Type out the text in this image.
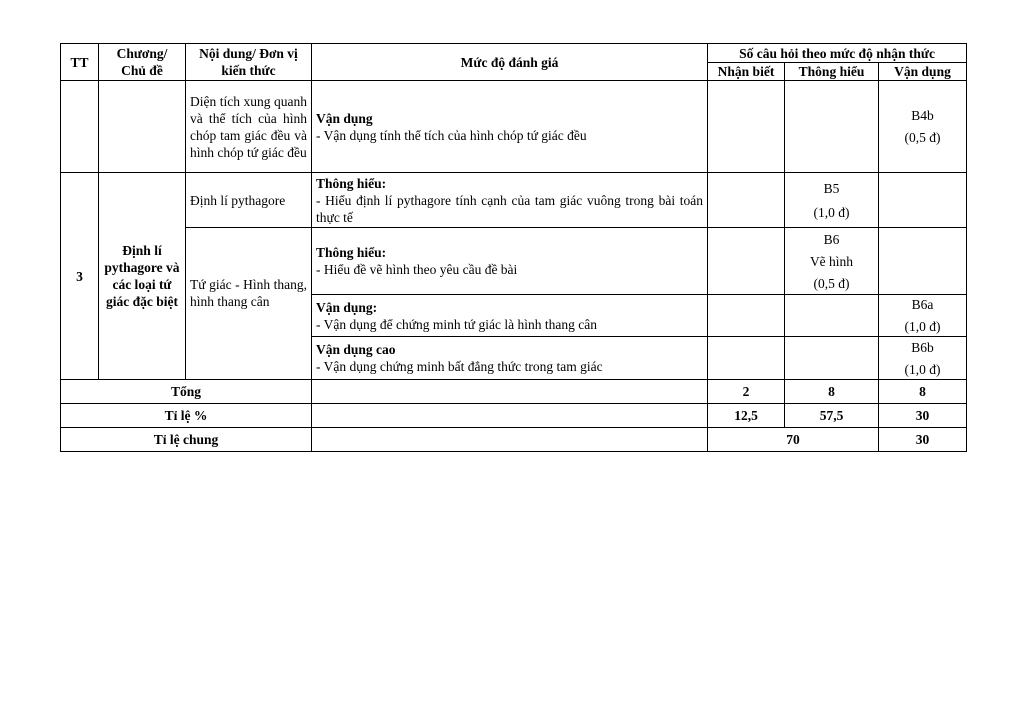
TT	Chương/ Chủ đề	Nội dung/ Đơn vị kiến thức	Mức độ đánh giá	Số câu hỏi theo mức độ nhận thức		
				Nhận biết	Thông hiểu	Vận dụng
		Diện tích xung quanh và thể tích của hình chóp tam giác đều và hình chóp tứ giác đều	Vận dụng
- Vận dụng tính thể tích của hình chóp tứ giác đều			B4b
(0,5 đ)

3	Định lí pythagore và các loại tứ giác đặc biệt	Định lí pythagore	Thông hiểu:
- Hiểu định lí pythagore tính cạnh của tam giác vuông trong bài toán thực tế		B5
(1,0 đ)	

		Tứ giác - Hình thang, hình thang cân	Thông hiểu:
- Hiểu đề vẽ hình theo yêu cầu đề bài		B6
Vẽ hình
(0,5 đ)	

			Vận dụng:
- Vận dụng để chứng minh tứ giác là hình thang cân			B6a
(1,0 đ)

			Vận dụng cao
- Vận dụng chứng minh bất đẳng thức trong tam giác			B6b
(1,0 đ)

Tổng				2	8	8
Tỉ lệ %				12,5	57,5	30
Tỉ lệ chung				70		30
